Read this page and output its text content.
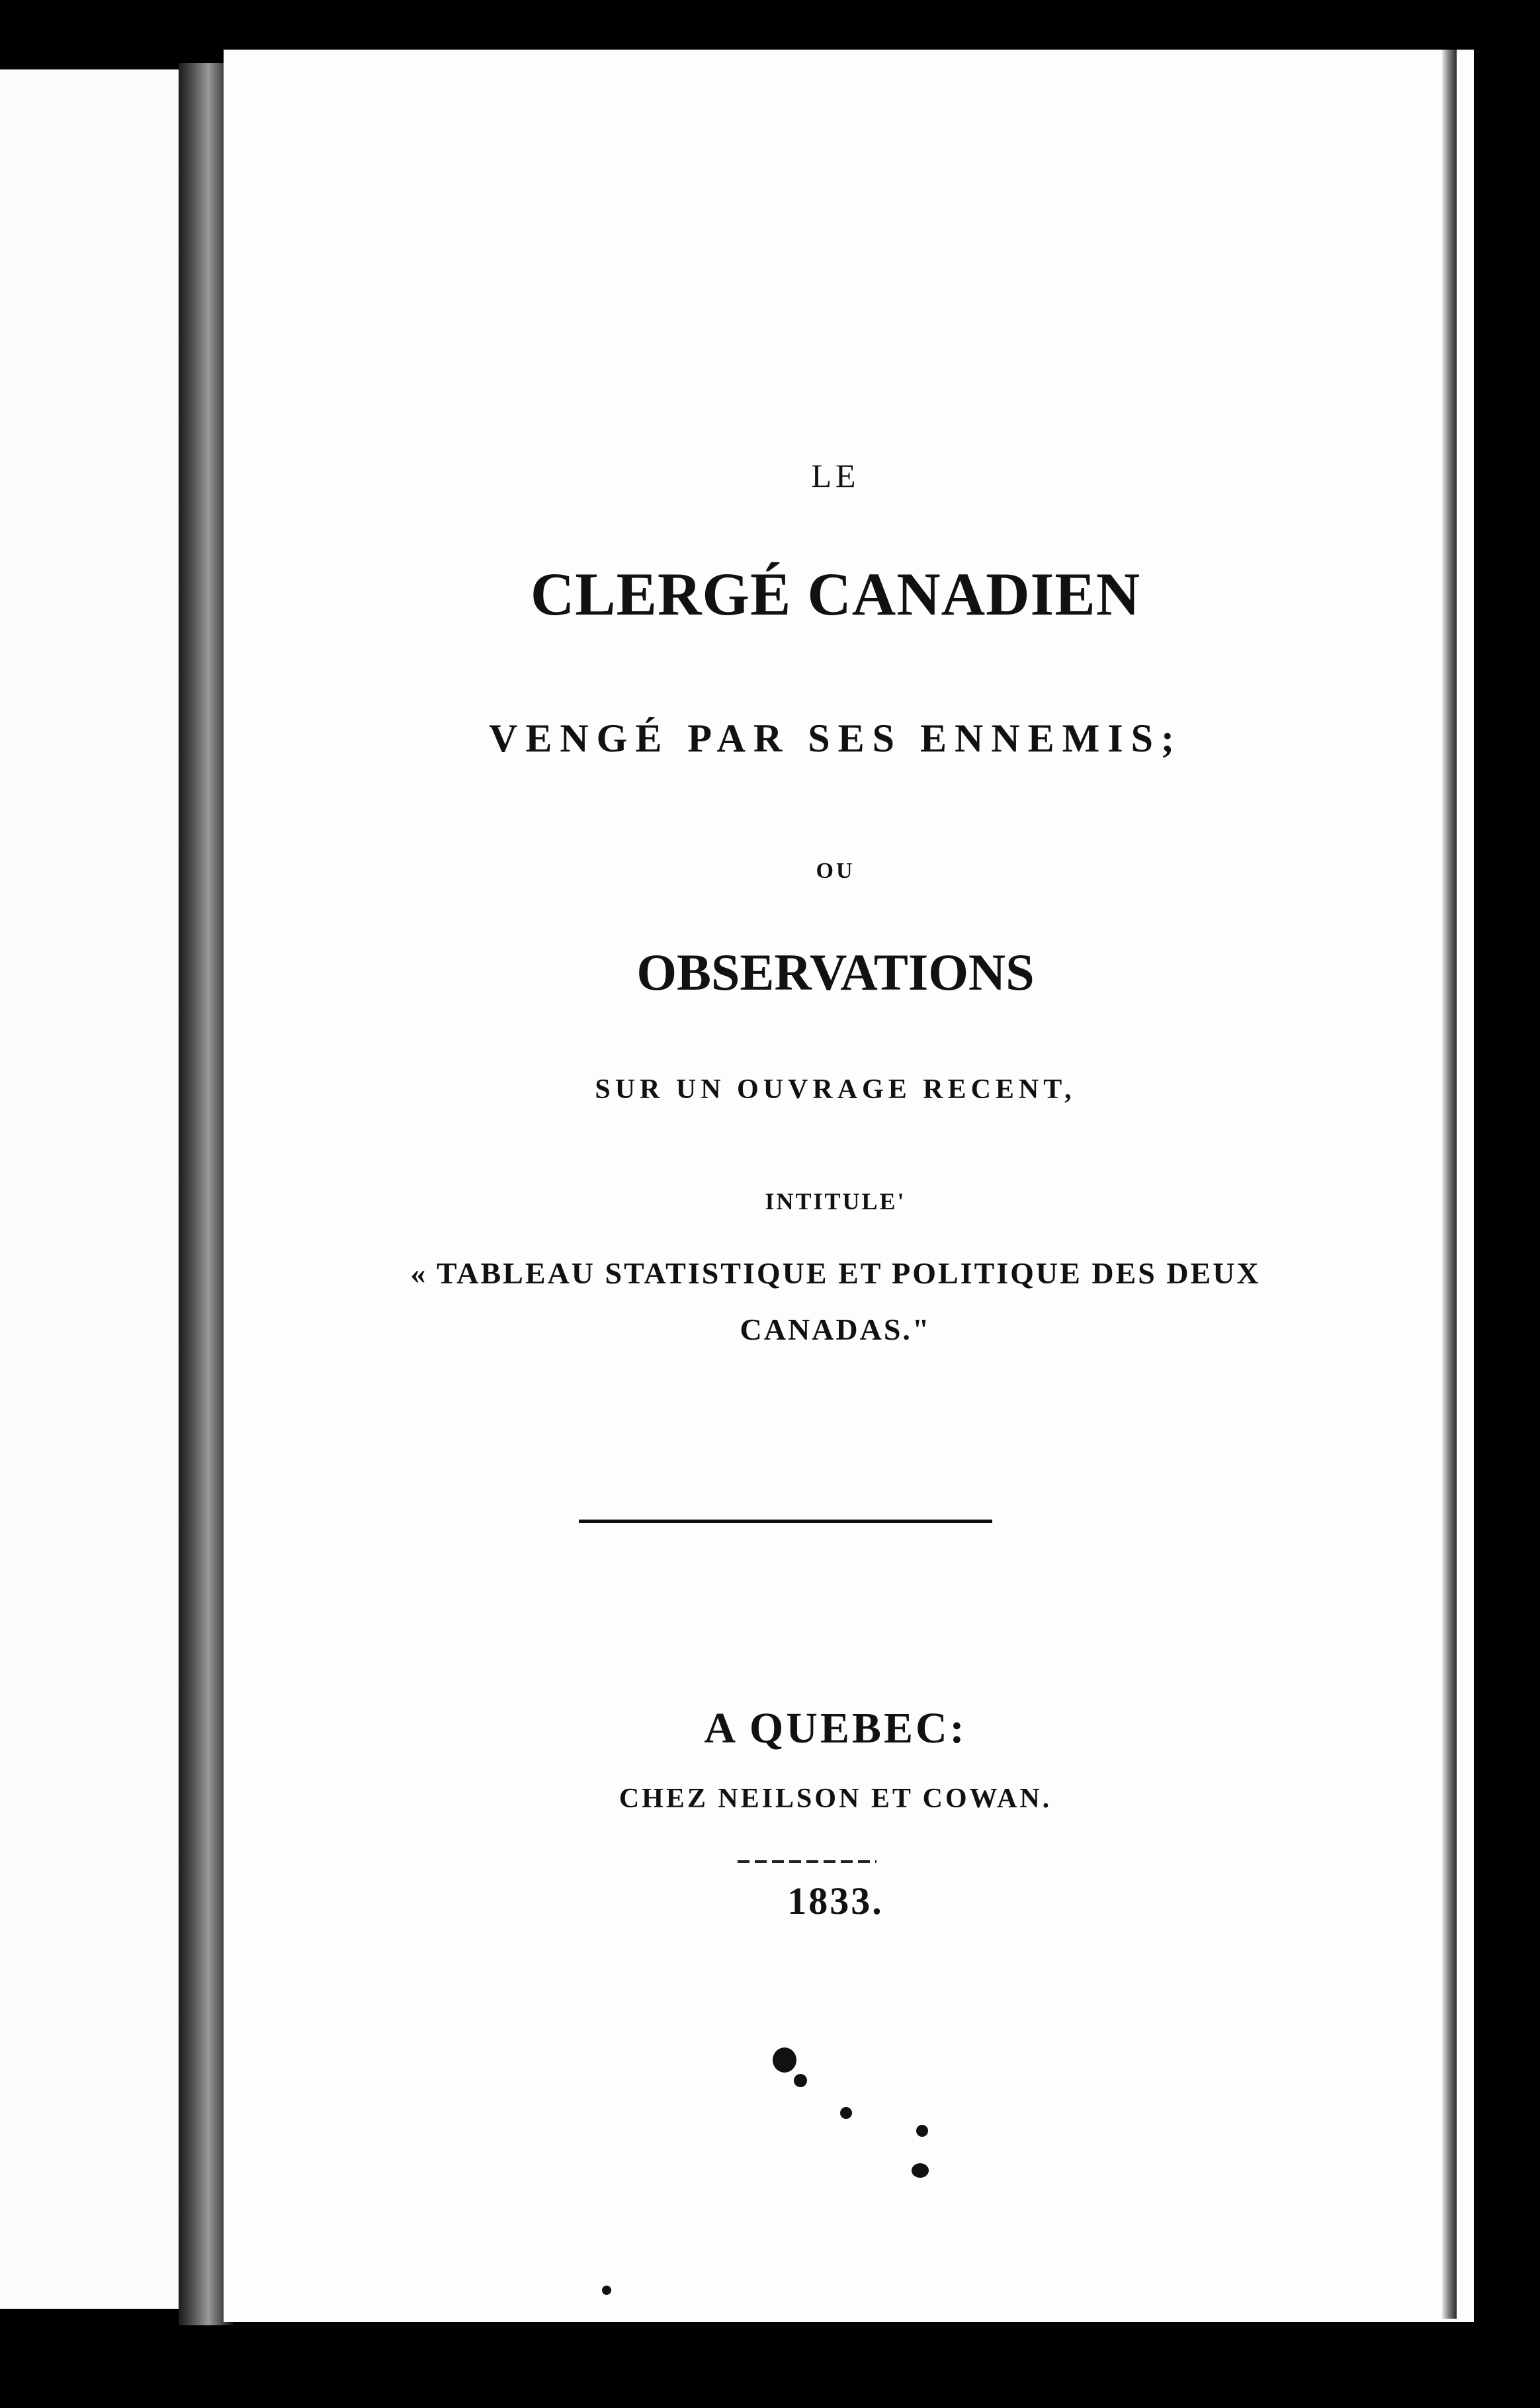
LE
CLERGÉ CANADIEN
VENGÉ PAR SES ENNEMIS;
OU
OBSERVATIONS
SUR UN OUVRAGE RECENT,
INTITULE'
« TABLEAU STATISTIQUE ET POLITIQUE DES DEUX
CANADAS."
A QUEBEC:
CHEZ NEILSON ET COWAN.
1833.
